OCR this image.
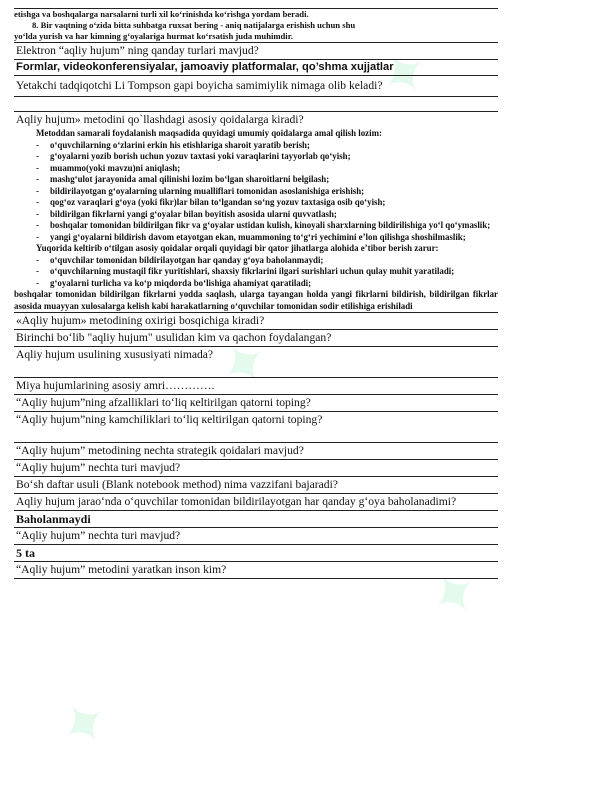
✦
✦
✦
✦
etishga va boshqalarga narsalarni turli xil ko‘rinishda ko‘rishga yordam beradi.
8. Bir vaqtning o‘zida bitta suhbatga ruxsat bering - aniq natijalarga erishish uchun shu
yo‘lda yurish va har kimning g‘oyalariga hurmat ko‘rsatish juda muhimdir.
Elektron “aqliy hujum” ning qanday turlari mavjud?
Formlar, videokonferensiyalar, jamoaviy platformalar, qo’shma xujjatlar
Yetakchi tadqiqotchi Li Tompson gapi boyicha samimiylik nimaga olib keladi?
Aqliy hujum» metodini qo`llashdagi asosiy qoidalarga kiradi?

Metoddan samarali foydalanish maqsadida quyidagi umumiy qoidalarga amal qilish lozim:

-	o‘quvchilarning o‘zlarini erkin his etishlariga sharoit yaratib berish;
-	g‘oyalarni yozib borish uchun yozuv taxtasi yoki varaqlarini tayyorlab qo‘yish;
-	muammo(yoki mavzu)ni aniqlash;
-	mashg‘ulot jarayonida amal qilinishi lozim bo‘lgan sharoitlarni belgilash;
-	bildirilayotgan g‘oyalarning ularning mualliflari tomonidan asoslanishiga erishish;
-	qog‘oz varaqlari g‘oya (yoki fikr)lar bilan to‘lgandan so‘ng yozuv taxtasiga osib qo‘yish;
-	bildirilgan fikrlarni yangi g‘oyalar bilan boyitish asosida ularni quvvatlash;
-	boshqalar tomonidan bildirilgan fikr va g‘oyalar ustidan kulish, kinoyali sharxlarning bildirilishiga yo‘l qo‘ymaslik;
-	yangi g‘oyalarni bildirish davom etayotgan ekan, muammoning to‘g‘ri yechimini e’lon qilishga shoshilmaslik;

Yuqorida keltirib o‘tilgan asosiy qoidalar orqali quyidagi bir qator jihatlarga alohida e’tibor berish zarur:

-	o‘quvchilar tomonidan bildirilayotgan har qanday g‘oya baholanmaydi;
-	o‘quvchilarning mustaqil fikr yuritishlari, shaxsiy fikrlarini ilgari surishlari uchun qulay muhit yaratiladi;
-	g‘oyalarni turlicha va ko‘p miqdorda bo‘lishiga ahamiyat qaratiladi;

boshqalar tomonidan bildirilgan fikrlarni yodda saqlash, ularga tayangan holda yangi fikrlarni bildirish, bildirilgan fikrlar asosida muayyan xulosalarga kelish kabi harakatlarning o‘quvchilar tomonidan sodir etilishiga erishiladi

«Aqliy hujum» metodining oxirigi bosqichiga kiradi?
Birinchi bo‘lib "aqliy hujum" usulidan kim va qachon foydalangan?
Aqliy hujum usulining xususiyati nimada?
Miya hujumlarining asosiy amri………….
“Aqliy hujum”ning afzalliklari to‘liq кeltirilgan qatorni toping?
“Aqliy hujum”ning kamchiliklari to‘liq кeltirilgan qatorni toping?
“Aqliy hujum” metodining nechta strategik qoidalari mavjud?
“Aqliy hujum” nechta turi mavjud?
Bo‘sh daftar usuli (Blank notebook method) nima vazzifani bajaradi?
Aqliy hujum jarao‘nda o‘quvchilar tomonidan bildirilayotgan har qanday g‘oya baholanadimi?
Baholanmaydi
“Aqliy hujum” nechta turi mavjud?
5 ta
“Aqliy hujum” metodini yaratkan inson kim?
